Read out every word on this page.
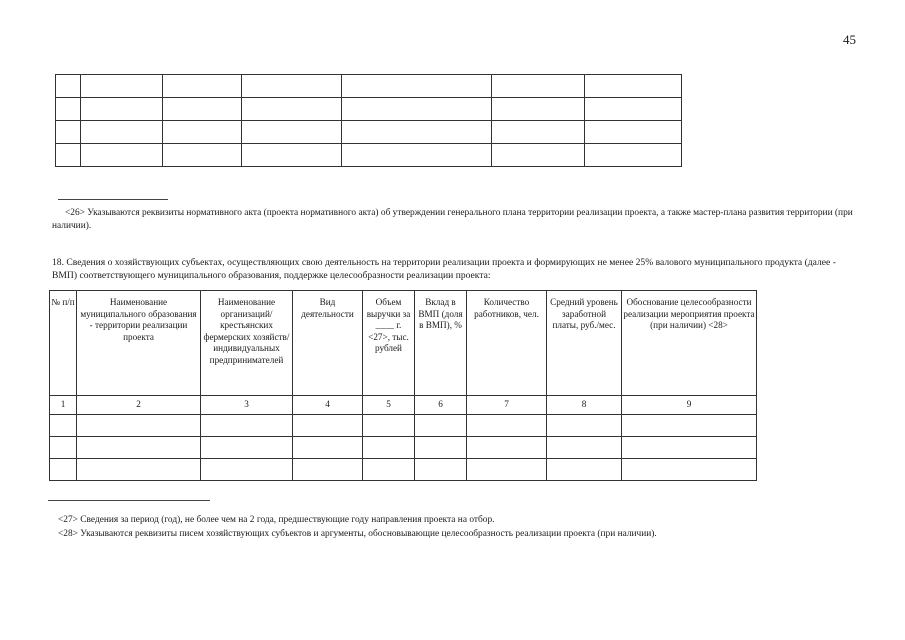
45

<26> Указываются реквизиты нормативного акта (проекта нормативного акта) об утверждении генерального плана территории реализации проекта, а также мастер-плана развития территории (при наличии).
18. Сведения о хозяйствующих субъектах, осуществляющих свою деятельность на территории реализации проекта и формирующих не менее 25% валового муниципального продукта (далее - ВМП) соответствующего муниципального образования, поддержке целесообразности реализации проекта:
№ п/п	Наименование муниципального образования - территории реализации проекта	Наименование организаций/крестьянских фермерских хозяйств/индивидуальных предпринимателей	Вид деятельности	Объем выручки за ____ г. <27>, тыс. рублей	Вклад в ВМП (доля в ВМП), %	Количество работников, чел.	Средний уровень заработной платы, руб./мес.	Обоснование целесообразности реализации мероприятия проекта (при наличии) <28>
1	2	3	4	5	6	7	8	9

<27> Сведения за период (год), не более чем на 2 года, предшествующие году направления проекта на отбор.
<28> Указываются реквизиты писем хозяйствующих субъектов и аргументы, обосновывающие целесообразность реализации проекта (при наличии).
